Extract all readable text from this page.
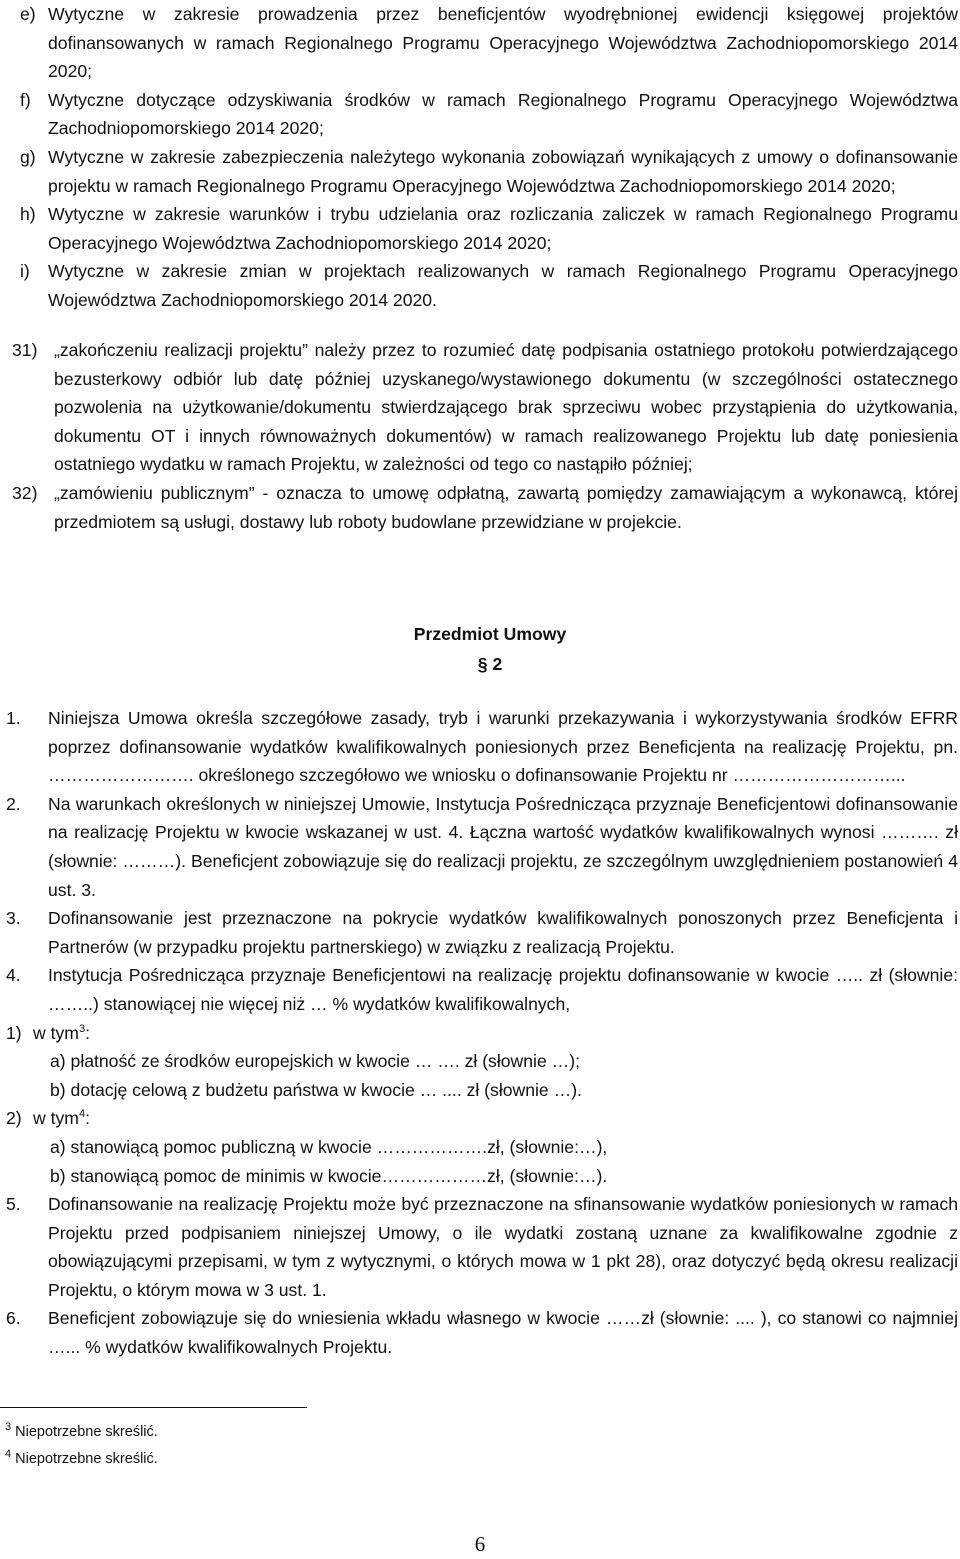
e) Wytyczne w zakresie prowadzenia przez beneficjentów wyodrębnionej ewidencji księgowej projektów dofinansowanych w ramach Regionalnego Programu Operacyjnego Województwa Zachodniopomorskiego 2014 2020;
f) Wytyczne dotyczące odzyskiwania środków w ramach Regionalnego Programu Operacyjnego Województwa Zachodniopomorskiego 2014 2020;
g) Wytyczne w zakresie zabezpieczenia należytego wykonania zobowiązań wynikających z umowy o dofinansowanie projektu w ramach Regionalnego Programu Operacyjnego Województwa Zachodniopomorskiego 2014 2020;
h) Wytyczne w zakresie warunków i trybu udzielania oraz rozliczania zaliczek w ramach Regionalnego Programu Operacyjnego Województwa Zachodniopomorskiego 2014 2020;
i) Wytyczne w zakresie zmian w projektach realizowanych w ramach Regionalnego Programu Operacyjnego Województwa Zachodniopomorskiego 2014 2020.
31) „zakończeniu realizacji projektu” należy przez to rozumieć datę podpisania ostatniego protokołu potwierdzającego bezusterkowy odbiór lub datę później uzyskanego/wystawionego dokumentu (w szczególności ostatecznego pozwolenia na użytkowanie/dokumentu stwierdzającego brak sprzeciwu wobec przystąpienia do użytkowania, dokumentu OT i innych równoważnych dokumentów) w ramach realizowanego Projektu lub datę poniesienia ostatniego wydatku w ramach Projektu, w zależności od tego co nastąpiło później;
32) „zamówieniu publicznym” - oznacza to umowę odpłatną, zawartą pomiędzy zamawiającym a wykonawcą, której przedmiotem są usługi, dostawy lub roboty budowlane przewidziane w projekcie.
Przedmiot Umowy
§ 2
1. Niniejsza Umowa określa szczegółowe zasady, tryb i warunki przekazywania i wykorzystywania środków EFRR poprzez dofinansowanie wydatków kwalifikowalnych poniesionych przez Beneficjenta na realizację Projektu, pn. ……………………. określonego szczegółowo we wniosku o dofinansowanie Projektu nr ………………………...
2. Na warunkach określonych w niniejszej Umowie, Instytucja Pośrednicząca przyznaje Beneficjentowi dofinansowanie na realizację Projektu w kwocie wskazanej w ust. 4. Łączna wartość wydatków kwalifikowalnych wynosi ………. zł (słownie: ………). Beneficjent zobowiązuje się do realizacji projektu, ze szczególnym uwzględnieniem postanowień 4 ust. 3.
3. Dofinansowanie jest przeznaczone na pokrycie wydatków kwalifikowalnych ponoszonych przez Beneficjenta i Partnerów (w przypadku projektu partnerskiego) w związku z realizacją Projektu.
4. Instytucja Pośrednicząca przyznaje Beneficjentowi na realizację projektu dofinansowanie w kwocie ….. zł (słownie: ……..) stanowiącej nie więcej niż … % wydatków kwalifikowalnych,
1) w tym$^3$:
a) płatność ze środków europejskich w kwocie … …. zł (słownie …);
b) dotację celową z budżetu państwa w kwocie … .... zł (słownie …).
2) w tym$^4$:
a) stanowiącą pomoc publiczną w kwocie ……………….zł, (słownie:…),
b) stanowiącą pomoc de minimis w kwocie………………zł, (słownie:…).
5. Dofinansowanie na realizację Projektu może być przeznaczone na sfinansowanie wydatków poniesionych w ramach Projektu przed podpisaniem niniejszej Umowy, o ile wydatki zostaną uznane za kwalifikowalne zgodnie z obowiązującymi przepisami, w tym z wytycznymi, o których mowa w 1 pkt 28), oraz dotyczyć będą okresu realizacji Projektu, o którym mowa w 3 ust. 1.
6. Beneficjent zobowiązuje się do wniesienia wkładu własnego w kwocie ……zł (słownie: .... ), co stanowi co najmniej …... % wydatków kwalifikowalnych Projektu.
$^3$ Niepotrzebne skreślić.
$^4$ Niepotrzebne skreślić.
6
